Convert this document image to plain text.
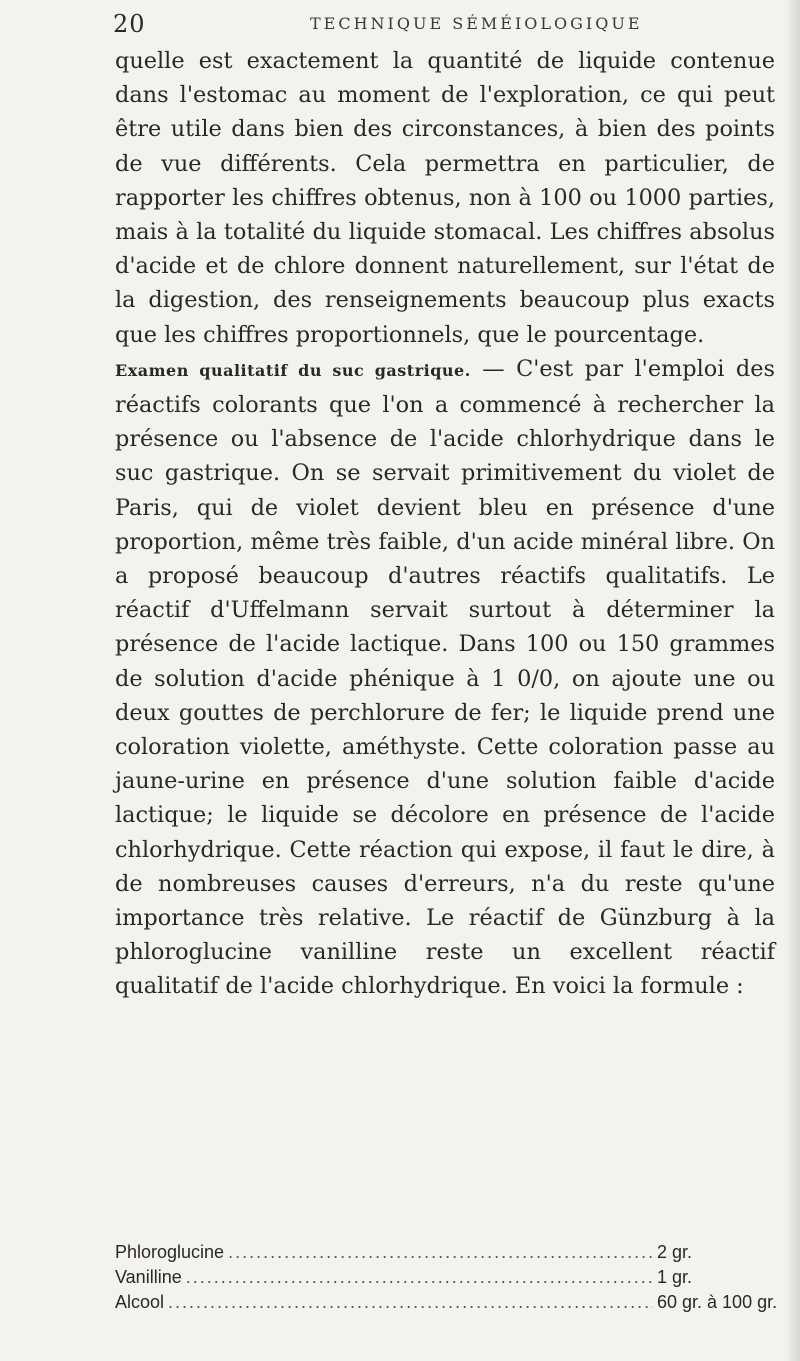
20	TECHNIQUE SÉMÉIOLOGIQUE

quelle est exactement la quantité de liquide contenue dans l'estomac au moment de l'exploration, ce qui peut être utile dans bien des circonstances, à bien des points de vue différents. Cela permettra en particulier, de rapporter les chiffres obtenus, non à 100 ou 1000 parties, mais à la totalité du liquide stomacal. Les chiffres absolus d'acide et de chlore donnent naturellement, sur l'état de la digestion, des renseignements beaucoup plus exacts que les chiffres proportionnels, que le pourcentage.

Examen qualitatif du suc gastrique. — C'est par l'emploi des réactifs colorants que l'on a commencé à rechercher la présence ou l'absence de l'acide chlorhydrique dans le suc gastrique. On se servait primitivement du violet de Paris, qui de violet devient bleu en présence d'une proportion, même très faible, d'un acide minéral libre. On a proposé beaucoup d'autres réactifs qualitatifs. Le réactif d'Uffelmann servait surtout à déterminer la présence de l'acide lactique. Dans 100 ou 150 grammes de solution d'acide phénique à 1 0/0, on ajoute une ou deux gouttes de perchlorure de fer; le liquide prend une coloration violette, améthyste. Cette coloration passe au jaune-urine en présence d'une solution faible d'acide lactique; le liquide se décolore en présence de l'acide chlorhydrique. Cette réaction qui expose, il faut le dire, à de nombreuses causes d'erreurs, n'a du reste qu'une importance très relative. Le réactif de Günzburg à la phloroglucine vanilline reste un excellent réactif qualitatif de l'acide chlorhydrique. En voici la formule :

Phloroglucine .....	2 gr.
Vanilline .....	1 gr.
Alcool .....	60 gr. à 100 gr.
